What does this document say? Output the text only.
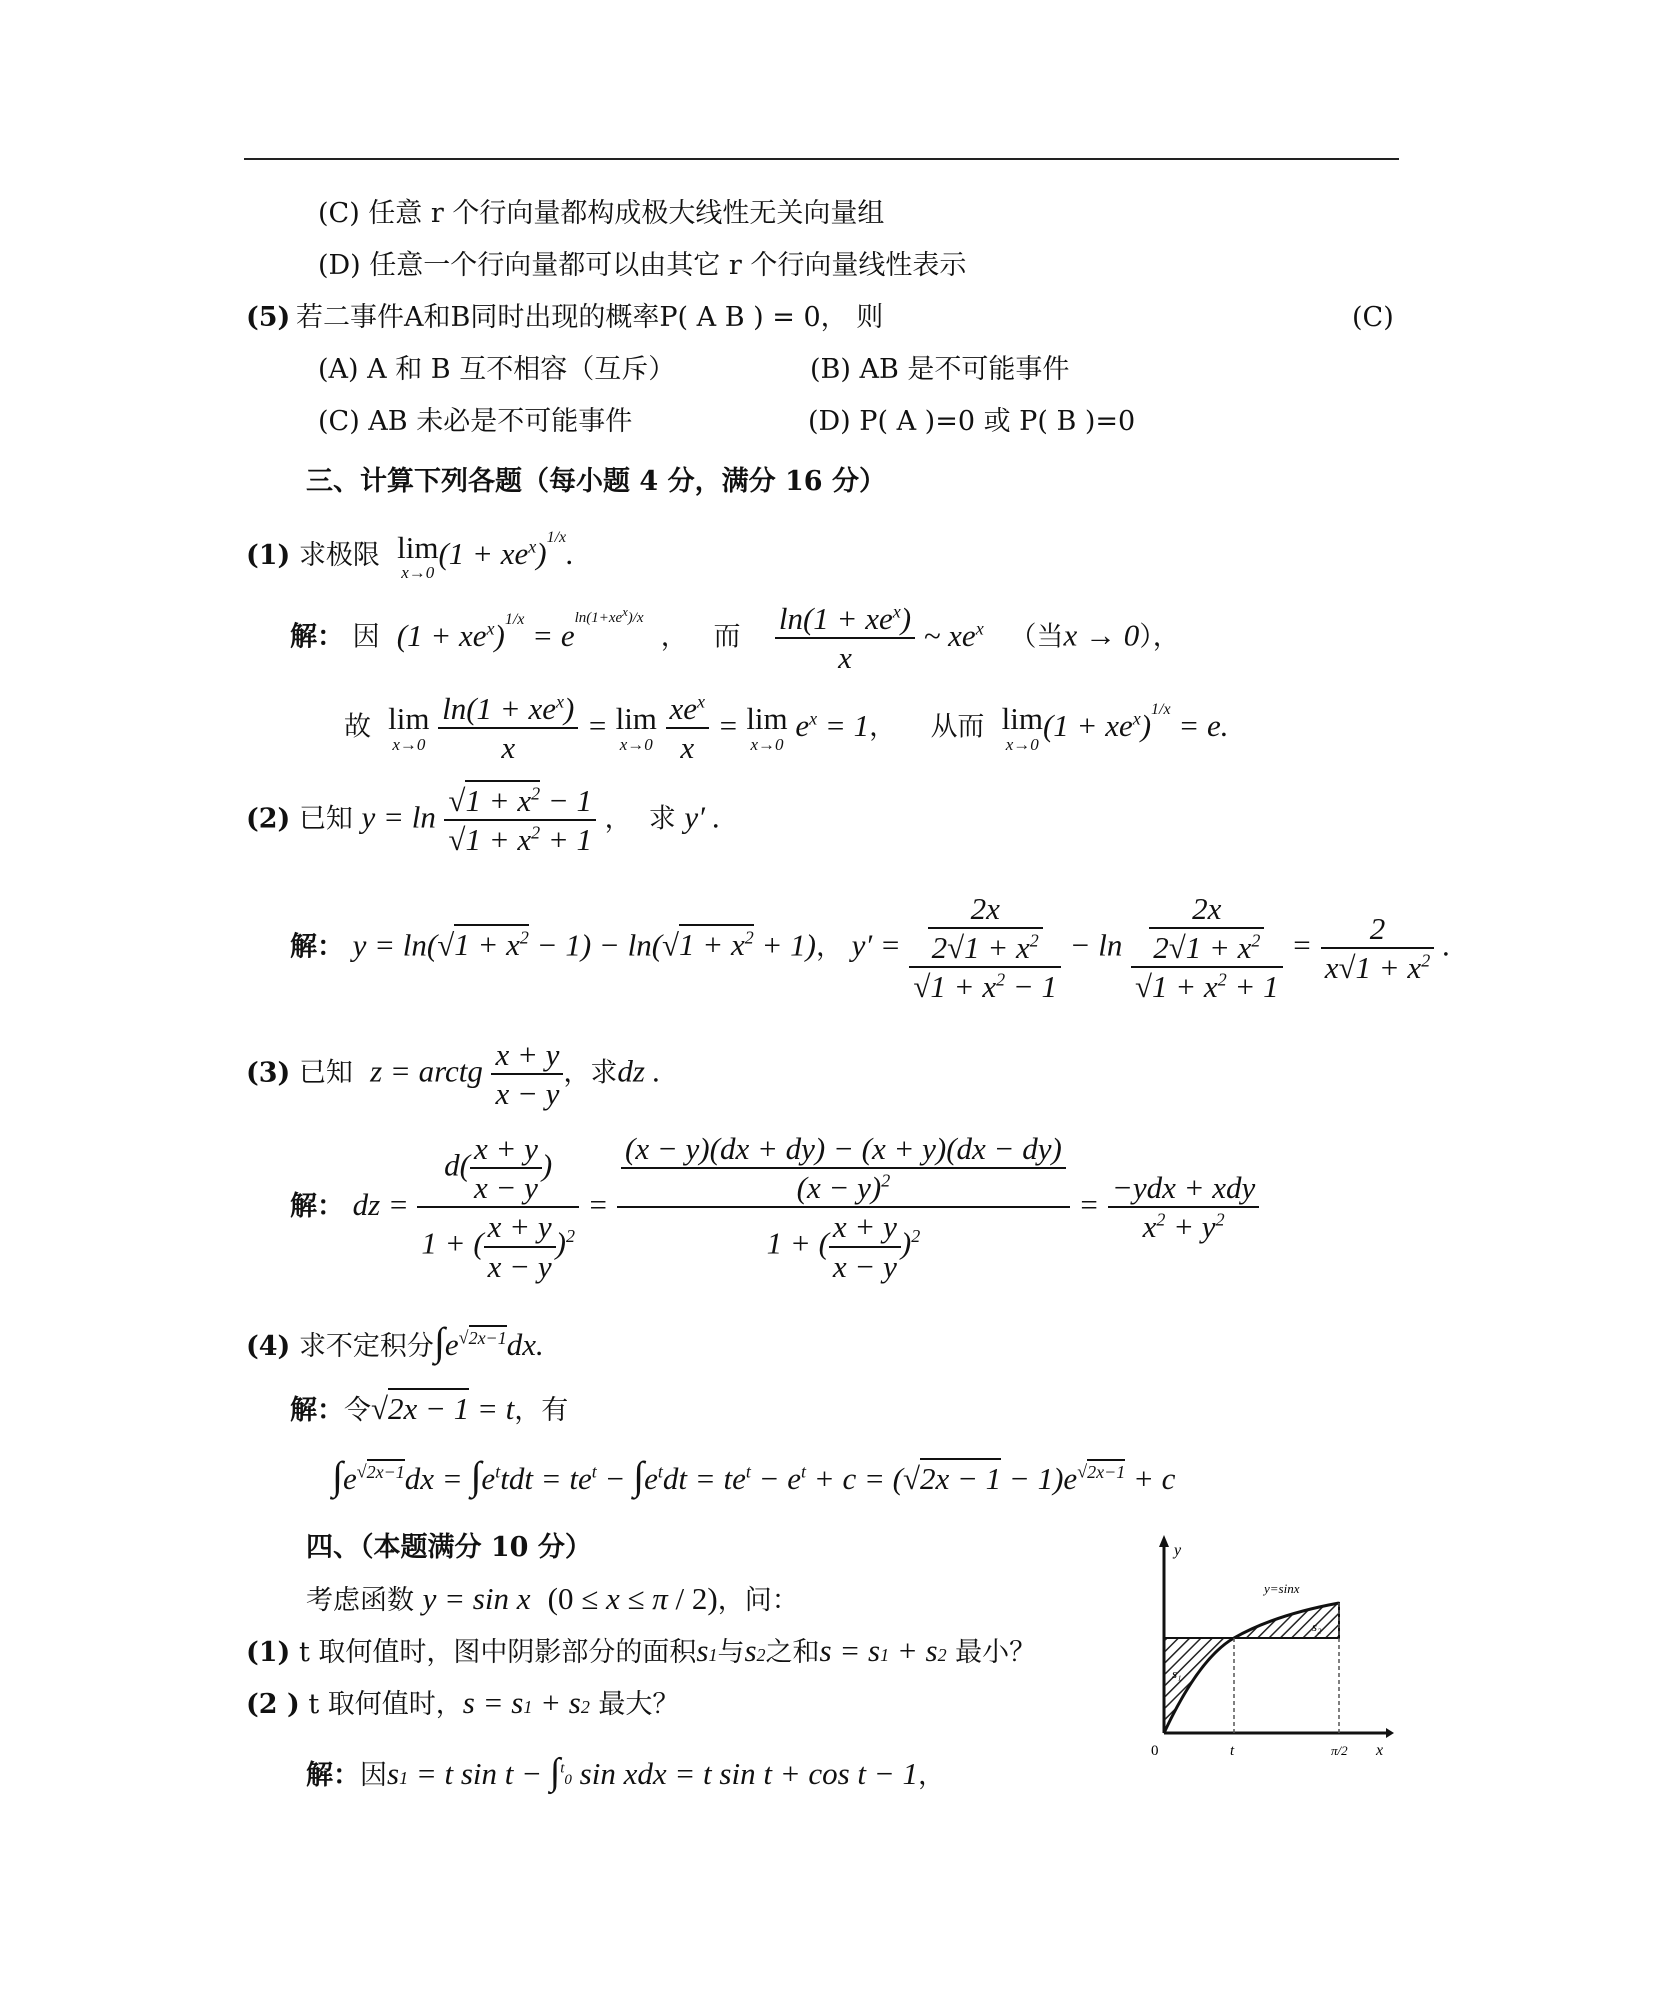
(C) 任意 r 个行向量都构成极大线性无关向量组
(D) 任意一个行向量都可以由其它 r 个行向量线性表示
(5) 若二事件A和B同时出现的概率P( A B ) = 0， 则	(C)
(A) A 和 B 互不相容（互斥）	(B) AB 是不可能事件
(C) AB 未必是不可能事件	(D) P( A )=0 或 P( B )=0
三、计算下列各题（每小题 4 分，满分 16 分）
(1) 求极限 lim
x→0
$(1 + xe^x)^{1/x}$.
解： 因 $(1 + xe^x)^{1/x} = e^{ln(1+xe^x)/x}$  ，   而 $\frac{\ln(1 + xe^x)}{x}$ ~ $xe^x$ （当x → 0），
故 lim
x→0
$\frac{\ln(1 + xe^x)}{x} = \lim$
x→0
$\frac{xe^x}{x} = \lim$
x→0
$e^x = 1$，    从而 lim
x→0
$(1 + xe^x)^{1/x} = e$.
(2) 已知 $y = \ln \frac{√1 + x^2 - 1}{√1 + x^2 + 1}$ ，  求 y′ .
解： $y = \ln(√1 + x^2 - 1) - \ln(√1 + x^2 + 1)$， $y' = \frac{\frac{2x}{2√1 + x^2}}{√1 + x^2 - 1} - \ln \frac{\frac{2x}{2√1 + x^2}}{√1 + x^2 + 1} = \frac{2}{x√1 + x^2}$ .
(3) 已知 z = arctg $\frac{x + y}{x - y}$ ，求dz .
解： dz = $\frac{d( \frac{x + y}{x - y} )}{1 + ( \frac{x + y}{x - y} )^2} = \frac{\frac{(x - y)(dx + dy) - (x + y)(dx - dy)}{(x - y)^2}}{1 + ( \frac{x + y}{x - y} )^2} = \frac{\text{−ydx + xdy}}{x^2 + y^2}$
(4) 求不定积分$\int e^{√2x-1}dx$.
解：令√2x − 1 = t，有
$\int e^{√2x-1}dx = \int e^ttdt = te^t - \int e^tdt = te^t - e^t + c = (√2x - 1 - 1)e^{√2x-1} + c$
四、（本题满分 10 分）
考虑函数 y = sin x (0 ≤ x ≤ π / 2)，问：
(1) t 取何值时，图中阴影部分的面积s1与s2之和s = s1 + s2 最小？
(2 ) t 取何值时，s = s1 + s2 最大？
解：因s1 = t sin t − ∫$^t$0 sin xdx = t sin t + cos t − 1，
y
x
y=sinx
0	t	π/2
s₁
s₂
